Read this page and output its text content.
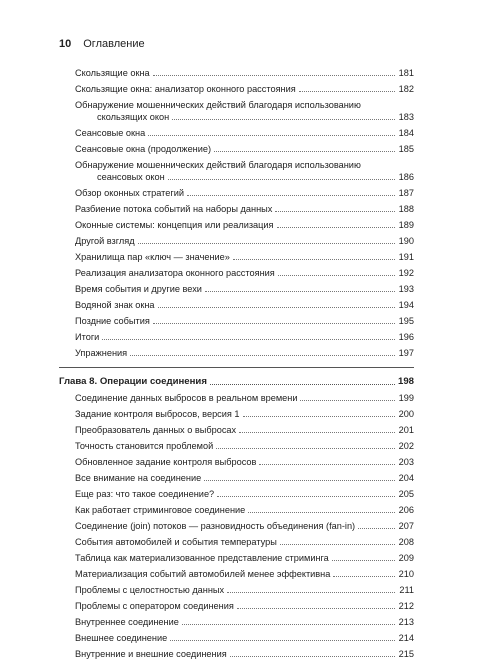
10 Оглавление
Скользящие окна	181
Скользящие окна: анализатор оконного расстояния	182
Обнаружение мошеннических действий благодаря использованию
скользящих окон	183
Сеансовые окна	184
Сеансовые окна (продолжение)	185
Обнаружение мошеннических действий благодаря использованию
сеансовых окон	186
Обзор оконных стратегий	187
Разбиение потока событий на наборы данных	188
Оконные системы: концепция или реализация	189
Другой взгляд	190
Хранилища пар «ключ — значение»	191
Реализация анализатора оконного расстояния	192
Время события и другие вехи	193
Водяной знак окна	194
Поздние события	195
Итоги	196
Упражнения	197
Глава 8. Операции соединения	198
Соединение данных выбросов в реальном времени	199
Задание контроля выбросов, версия 1	200
Преобразователь данных о выбросах	201
Точность становится проблемой	202
Обновленное задание контроля выбросов	203
Все внимание на соединение	204
Еще раз: что такое соединение?	205
Как работает стриминговое соединение	206
Соединение (join) потоков — разновидность объединения (fan-in)	207
События автомобилей и события температуры	208
Таблица как материализованное представление стриминга	209
Материализация событий автомобилей менее эффективна	210
Проблемы с целостностью данных	211
Проблемы с оператором соединения	212
Внутреннее соединение	213
Внешнее соединение	214
Внутренние и внешние соединения	215
